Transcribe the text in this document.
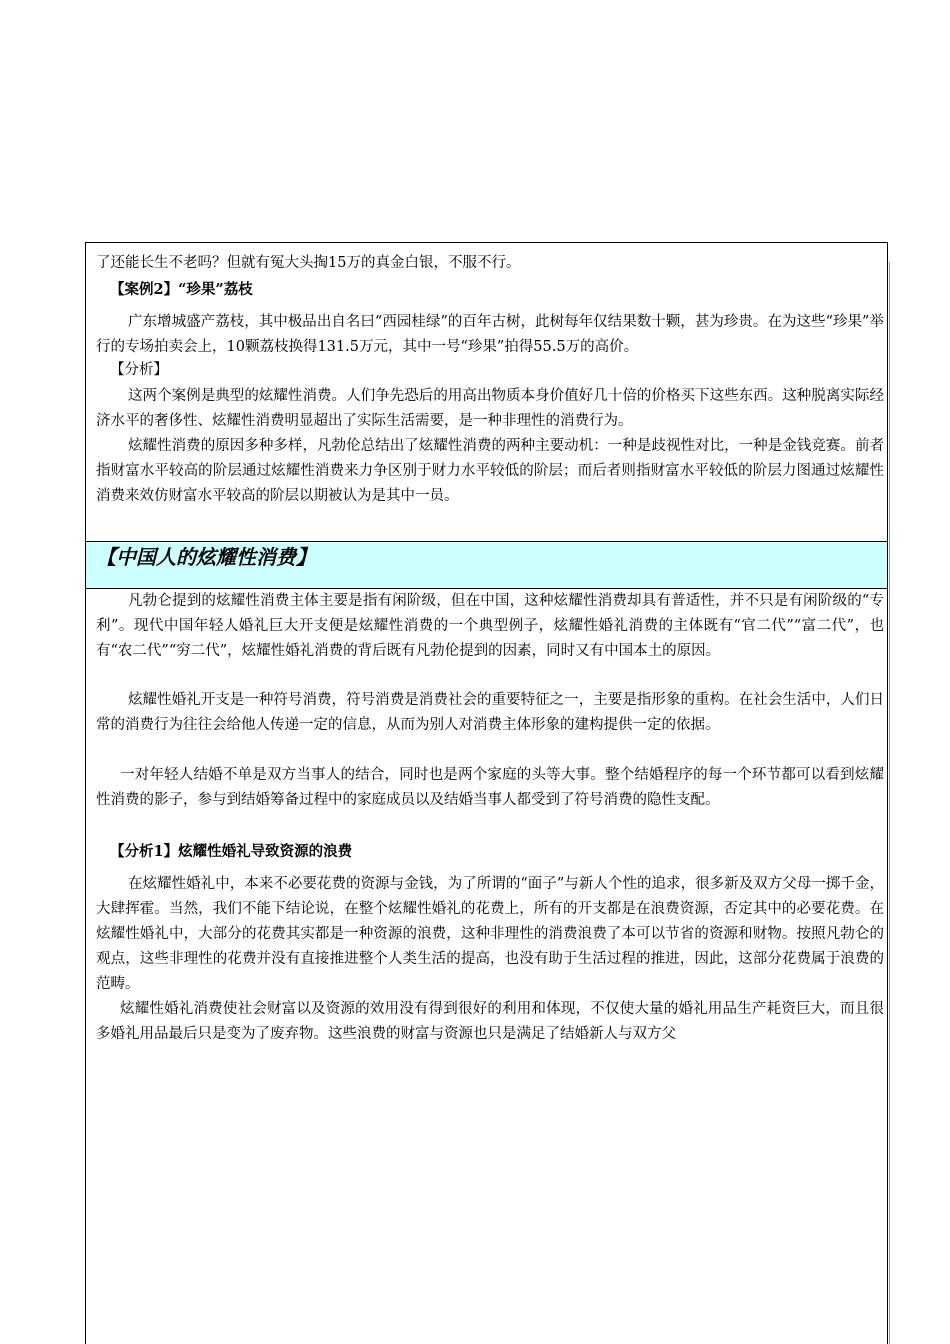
了还能长生不老吗？但就有冤大头掏15万的真金白银，不服不行。

【案例2】“珍果”荔枝

广东增城盛产荔枝，其中极品出自名曰“西园桂绿”的百年古树，此树每年仅结果数十颗，甚为珍贵。在为这些“珍果”举行的专场拍卖会上，10颗荔枝换得131.5万元，其中一号“珍果”拍得55.5万的高价。

【分析】

这两个案例是典型的炫耀性消费。人们争先恐后的用高出物质本身价值好几十倍的价格买下这些东西。这种脱离实际经济水平的奢侈性、炫耀性消费明显超出了实际生活需要，是一种非理性的消费行为。

炫耀性消费的原因多种多样，凡勃伦总结出了炫耀性消费的两种主要动机：一种是歧视性对比，一种是金钱竞赛。前者指财富水平较高的阶层通过炫耀性消费来力争区别于财力水平较低的阶层；而后者则指财富水平较低的阶层力图通过炫耀性消费来效仿财富水平较高的阶层以期被认为是其中一员。

【中国人的炫耀性消费】

凡勃仑提到的炫耀性消费主体主要是指有闲阶级，但在中国，这种炫耀性消费却具有普适性，并不只是有闲阶级的“专利”。现代中国年轻人婚礼巨大开支便是炫耀性消费的一个典型例子，炫耀性婚礼消费的主体既有“官二代”“富二代”，也有“农二代”“穷二代”，炫耀性婚礼消费的背后既有凡勃伦提到的因素，同时又有中国本土的原因。

炫耀性婚礼开支是一种符号消费，符号消费是消费社会的重要特征之一，主要是指形象的重构。在社会生活中，人们日常的消费行为往往会给他人传递一定的信息，从而为别人对消费主体形象的建构提供一定的依据。

一对年轻人结婚不单是双方当事人的结合，同时也是两个家庭的头等大事。整个结婚程序的每一个环节都可以看到炫耀性消费的影子，参与到结婚筹备过程中的家庭成员以及结婚当事人都受到了符号消费的隐性支配。

【分析1】炫耀性婚礼导致资源的浪费

在炫耀性婚礼中，本来不必要花费的资源与金钱，为了所谓的“面子”与新人个性的追求，很多新及双方父母一掷千金，大肆挥霍。当然，我们不能下结论说，在整个炫耀性婚礼的花费上，所有的开支都是在浪费资源，否定其中的必要花费。在炫耀性婚礼中，大部分的花费其实都是一种资源的浪费，这种非理性的消费浪费了本可以节省的资源和财物。按照凡勃仑的观点，这些非理性的花费并没有直接推进整个人类生活的提高，也没有助于生活过程的推进，因此，这部分花费属于浪费的范畴。

炫耀性婚礼消费使社会财富以及资源的效用没有得到很好的利用和体现，不仅使大量的婚礼用品生产耗资巨大，而且很多婚礼用品最后只是变为了废弃物。这些浪费的财富与资源也只是满足了结婚新人与双方父
